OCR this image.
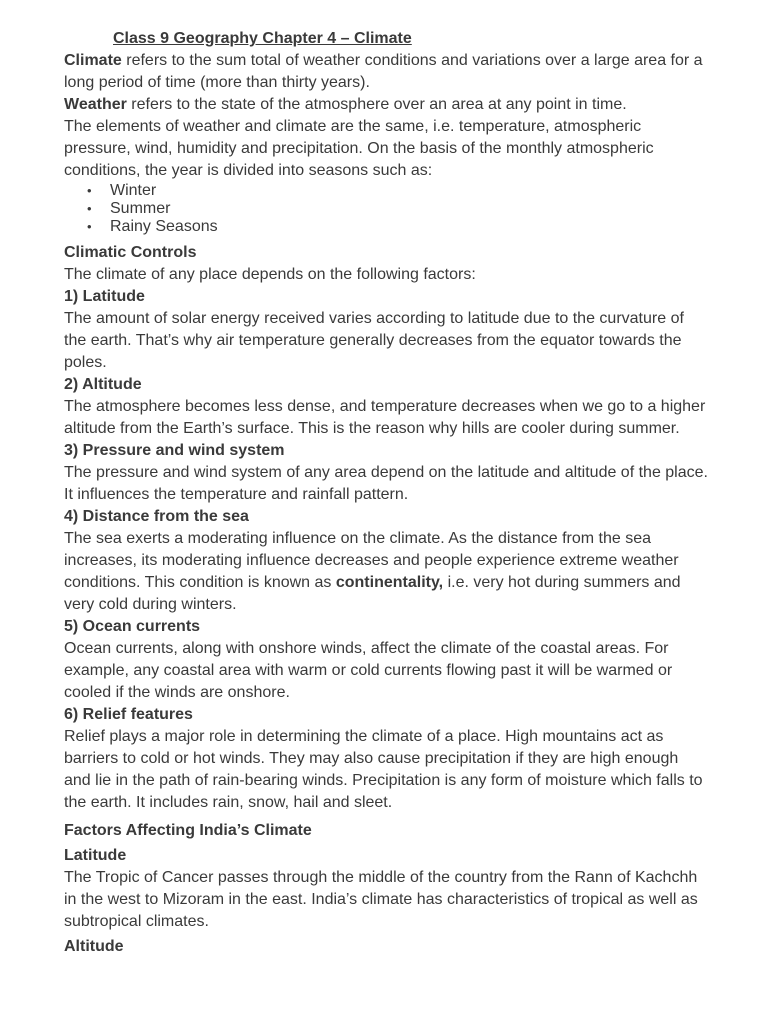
Class 9 Geography Chapter 4 – Climate

Climate refers to the sum total of weather conditions and variations over a large area for a long period of time (more than thirty years).

Weather refers to the state of the atmosphere over an area at any point in time.

The elements of weather and climate are the same, i.e. temperature, atmospheric pressure, wind, humidity and precipitation. On the basis of the monthly atmospheric conditions, the year is divided into seasons such as:

• Winter
• Summer
• Rainy Seasons

Climatic Controls

The climate of any place depends on the following factors:

1) Latitude

The amount of solar energy received varies according to latitude due to the curvature of the earth. That’s why air temperature generally decreases from the equator towards the poles.

2) Altitude

The atmosphere becomes less dense, and temperature decreases when we go to a higher altitude from the Earth’s surface. This is the reason why hills are cooler during summer.

3) Pressure and wind system

The pressure and wind system of any area depend on the latitude and altitude of the place. It influences the temperature and rainfall pattern.

4) Distance from the sea

The sea exerts a moderating influence on the climate. As the distance from the sea increases, its moderating influence decreases and people experience extreme weather conditions. This condition is known as continentality, i.e. very hot during summers and very cold during winters.

5) Ocean currents

Ocean currents, along with onshore winds, affect the climate of the coastal areas. For example, any coastal area with warm or cold currents flowing past it will be warmed or cooled if the winds are onshore.

6) Relief features

Relief plays a major role in determining the climate of a place. High mountains act as barriers to cold or hot winds. They may also cause precipitation if they are high enough and lie in the path of rain-bearing winds. Precipitation is any form of moisture which falls to the earth. It includes rain, snow, hail and sleet.

Factors Affecting India’s Climate

Latitude

The Tropic of Cancer passes through the middle of the country from the Rann of Kachchh in the west to Mizoram in the east. India’s climate has characteristics of tropical as well as subtropical climates.

Altitude
